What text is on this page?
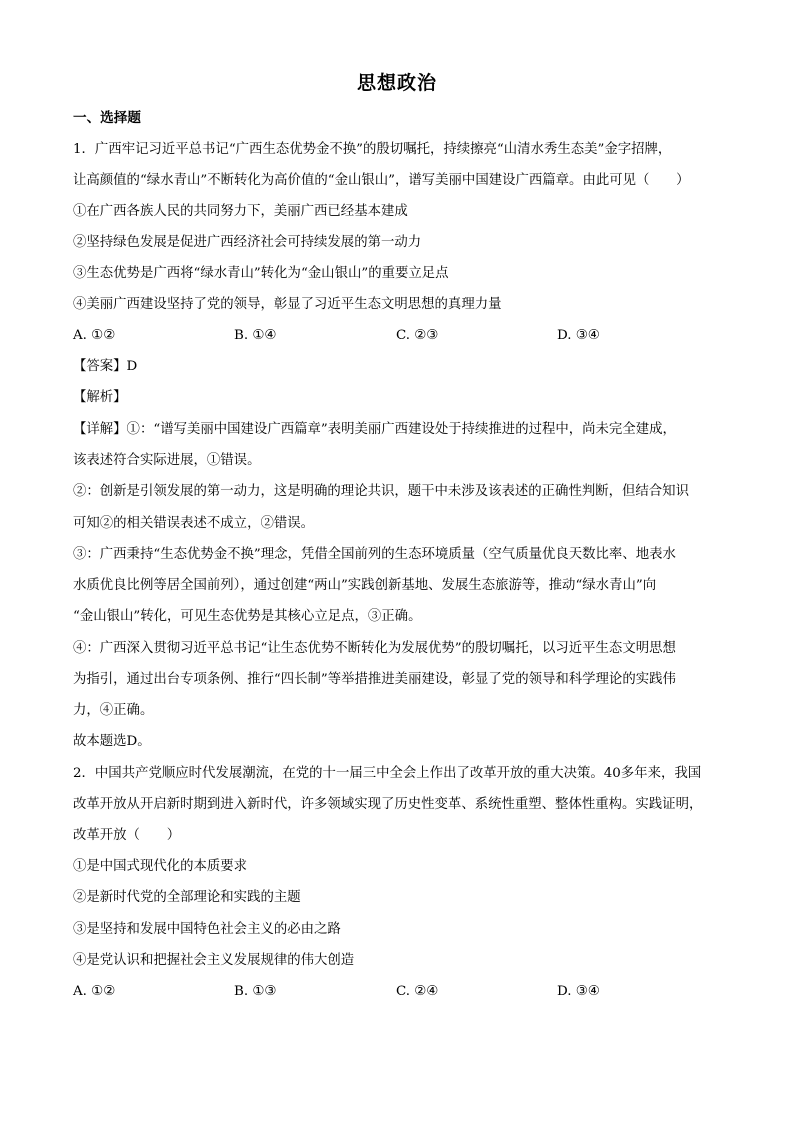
思想政治
一、选择题
1．广西牢记习近平总书记“广西生态优势金不换”的殷切嘱托，持续擦亮“山清水秀生态美”金字招牌，
让高颜值的“绿水青山”不断转化为高价值的“金山银山”，谱写美丽中国建设广西篇章。由此可见（　　）
①在广西各族人民的共同努力下，美丽广西已经基本建成
②坚持绿色发展是促进广西经济社会可持续发展的第一动力
③生态优势是广西将“绿水青山”转化为“金山银山”的重要立足点
④美丽广西建设坚持了党的领导，彰显了习近平生态文明思想的真理力量
A. ①②	B. ①④	C. ②③	D. ③④
【答案】D
【解析】
【详解】①：“谱写美丽中国建设广西篇章”表明美丽广西建设处于持续推进的过程中，尚未完全建成，
该表述符合实际进展，①错误。
②：创新是引领发展的第一动力，这是明确的理论共识，题干中未涉及该表述的正确性判断，但结合知识
可知②的相关错误表述不成立，②错误。
③：广西秉持“生态优势金不换”理念，凭借全国前列的生态环境质量（空气质量优良天数比率、地表水
水质优良比例等居全国前列），通过创建“两山”实践创新基地、发展生态旅游等，推动“绿水青山”向
“金山银山”转化，可见生态优势是其核心立足点，③正确。
④：广西深入贯彻习近平总书记“让生态优势不断转化为发展优势”的殷切嘱托，以习近平生态文明思想
为指引，通过出台专项条例、推行“四长制”等举措推进美丽建设，彰显了党的领导和科学理论的实践伟
力，④正确。
故本题选D。
2．中国共产党顺应时代发展潮流，在党的十一届三中全会上作出了改革开放的重大决策。40多年来，我国
改革开放从开启新时期到进入新时代，许多领域实现了历史性变革、系统性重塑、整体性重构。实践证明，
改革开放（　　）
①是中国式现代化的本质要求
②是新时代党的全部理论和实践的主题
③是坚持和发展中国特色社会主义的必由之路
④是党认识和把握社会主义发展规律的伟大创造
A. ①②	B. ①③	C. ②④	D. ③④
